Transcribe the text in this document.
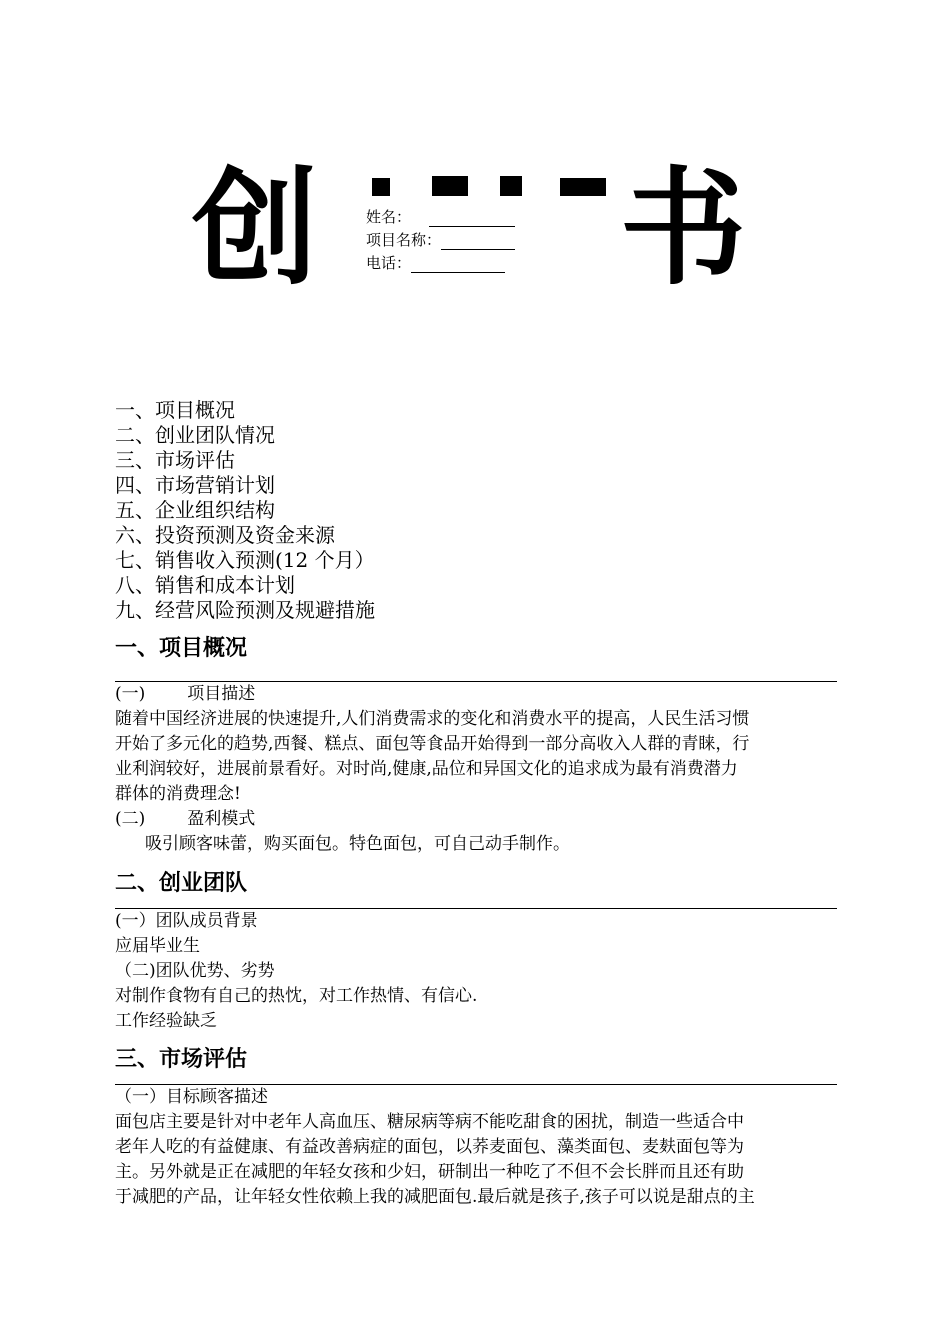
创 书
姓名：
项目名称：
电话：
一、项目概况
二、创业团队情况
三、市场评估
四、市场营销计划
五、企业组织结构
六、投资预测及资金来源
七、销售收入预测(12 个月）
八、销售和成本计划
九、经营风险预测及规避措施
一、项目概况
(一) 项目描述
随着中国经济进展的快速提升,人们消费需求的变化和消费水平的提高，人民生活习惯
开始了多元化的趋势,西餐、糕点、面包等食品开始得到一部分高收入人群的青睐，行
业利润较好，进展前景看好。对时尚,健康,品位和异国文化的追求成为最有消费潜力
群体的消费理念!
(二) 盈利模式
吸引顾客味蕾，购买面包。特色面包，可自己动手制作。
二、创业团队
(一）团队成员背景
应届毕业生
（二)团队优势、劣势
对制作食物有自己的热忱，对工作热情、有信心.
工作经验缺乏
三、市场评估
（一）目标顾客描述
面包店主要是针对中老年人高血压、糖尿病等病不能吃甜食的困扰，制造一些适合中
老年人吃的有益健康、有益改善病症的面包，以荞麦面包、藻类面包、麦麸面包等为
主。另外就是正在减肥的年轻女孩和少妇，研制出一种吃了不但不会长胖而且还有助
于减肥的产品，让年轻女性依赖上我的减肥面包.最后就是孩子,孩子可以说是甜点的主
